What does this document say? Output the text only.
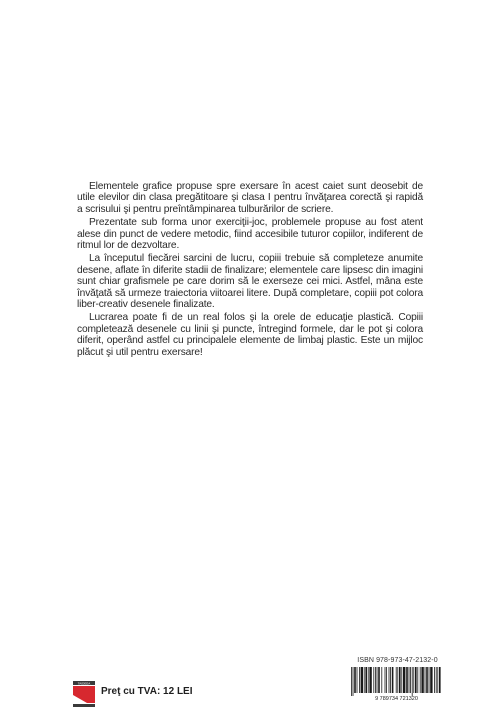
Elementele grafice propuse spre exersare în acest caiet sunt deosebit de utile elevilor din clasa pregătitoare şi clasa I pentru învăţarea corectă şi rapidă a scrisului şi pentru preîntâmpinarea tulburărilor de scriere.

Prezentate sub forma unor exerciţii-joc, problemele propuse au fost atent alese din punct de vedere metodic, fiind accesibile tuturor copiilor, indiferent de ritmul lor de dezvoltare.

La începutul fiecărei sarcini de lucru, copiii trebuie să completeze anumite desene, aflate în diferite stadii de finalizare; elementele care lipsesc din imagini sunt chiar grafismele pe care dorim să le exerseze cei mici. Astfel, mâna este învăţată să urmeze traiectoria viitoarei litere. După completare, copiii pot colora liber-creativ desenele finalizate.

Lucrarea poate fi de un real folos şi la orele de educaţie plastică. Copiii completează desenele cu linii şi puncte, întregind formele, dar le pot şi colora diferit, operând astfel cu principalele elemente de limbaj plastic. Este un mijloc plăcut şi util pentru exersare!

TAIDEEA
Preţ cu TVA: 12 LEI
ISBN 978-973-47-2132-0
9 789734 721320
